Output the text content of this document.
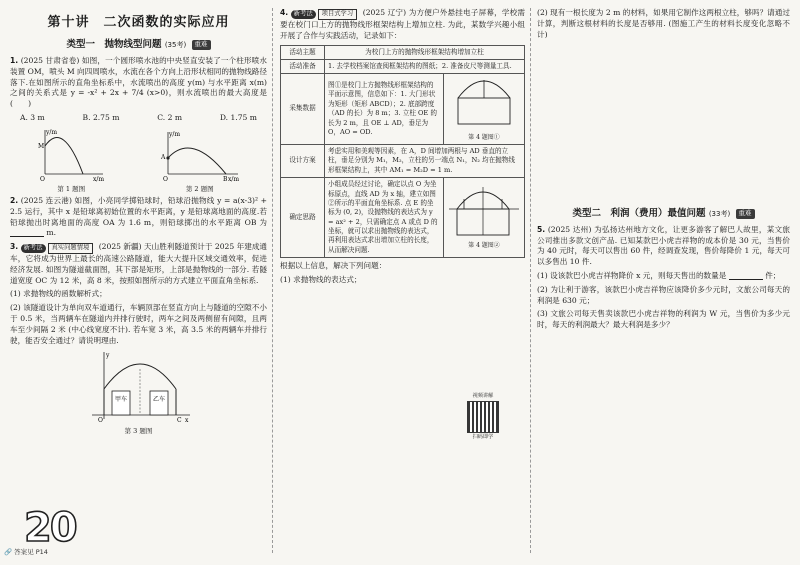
第十讲　二次函数的实际应用
类型一　抛物线型问题 (35考) 重难
1. (2025 甘肃省卷) 如图，一个圆形喷水池的中央竖直安装了一个柱形喷水装置 OM，喷头 M 向四周喷水，水流在各个方向上沿形状相同的抛物线路径落下.在如图所示的直角坐标系中，水流喷出的高度 y(m) 与水平距离 x(m) 之间的关系式是 y = -x² + 2x + 7/4 (x>0)，则水流喷出的最大高度是　　(　　)
A. 3 m	B. 2.75 m	C. 2 m	D. 1.75 m
y/m
x/m
O
M
第 1 题图
y/m
x/m
O
A
B
第 2 题图
2. (2025 连云港) 如图，小亮同学掷铅球时，铅球沿抛物线 y = a(x-3)² + 2.5 运行，其中 x 是铅球离初始位置的水平距离，y 是铅球离地面的高度.若铅球抛出时离地面的高度 OA 为 1.6 m，则铅球掷出的水平距离 OB 为  m.
3. 新考法 真实问题情境 (2025 新疆) 天山胜利隧道预计于 2025 年建成通车，它将成为世界上最长的高速公路隧道，能大大提升区域交通效率，促进经济发展. 如图为隧道截面图，其下部是矩形，上部是抛物线的一部分. 若隧道宽度 OC 为 12 米，高 8 米，按照如图所示的方式建立平面直角坐标系.
(1) 求抛物线的函数解析式；
(2) 该隧道设计为单向双车道通行，车辆顶部在竖直方向上与隧道的空隙不小于 0.5 米，当两辆车在隧道内并排行驶时，两车之间及两侧留有间隙，且两车至少间隔 2 米 (中心线宽度不计). 若车宽 3 米，高 3.5 米的两辆车并排行驶，能否安全通过？请说明理由.
甲车	乙车
y
x
O	C
第 3 题图
4. 新考法 项目式学习 (2025 辽宁) 为方便户外悬挂电子屏幕，学校需要在校门口上方的抛物线形框架结构上增加立柱. 为此，某数学兴趣小组开展了合作与实践活动，记录如下：
活动主题	为校门上方的抛物线形框架结构增加立柱	
活动准备	1. 去学校档案馆查阅框架结构的图纸；2. 准备皮尺等测量工具.	
采集数据	图①是校门上方抛物线形框架结构的平面示意图，信息如下：1. 大门形状为矩形（矩形 ABCD）；2. 底部跨度（AD 的长）为 8 m；3. 立柱 OE 的长为 2 m，且 OE ⊥ AD，垂足为 O，AO = OD.	第 4 题图①

设计方案	考虑实用和美观等因素，在 A，D 间增加两根与 AD 垂直的立柱，垂足分别为 M₁，M₂，立柱的另一端点 N₁，N₂ 均在抛物线形框架结构上，其中 AM₁ = M₂D = 1 m.	
确定思路	小组成员经过讨论，确定以点 O 为坐标原点，直线 AD 为 x 轴，建立如图②所示的平面直角坐标系. 点 E 的坐标为 (0, 2)，设抛物线的表达式为 y = ax² + 2，只需确定点 A 或点 D 的坐标，就可以求出抛物线的表达式，再利用表达式求出增加立柱的长度，从而解决问题.	第 4 题图②
根据以上信息，解决下列问题：
(1) 求抛物线的表达式；
视频讲解
扫码即学
(2) 现有一根长度为 2 m 的材料，如果用它制作这两根立柱，够吗？请通过计算，判断这根材料的长度是否够用. (图施工产生的材料长度变化忽略不计)
类型二　利润（费用）最值问题 (33考) 重难
5. (2025 达州) 为弘扬达州地方文化，让更多游客了解巴人故里，某文旅公司推出多款文创产品. 已知某款巴小虎吉祥物的成本价是 30 元，当售价为 40 元时，每天可以售出 60 件，经调查发现，售价每降价 1 元，每天可以多售出 10 件.
(1) 设该款巴小虎吉祥物降价 x 元，则每天售出的数量是	件；
(2) 为让利于游客，该款巴小虎吉祥物应该降价多少元时，文旅公司每天的利润是 630 元；
(3) 文旅公司每天售卖该款巴小虎吉祥物的利润为 W 元，当售价为多少元时，每天的利润最大？最大利润是多少？
20
🔗 答案见 P14
